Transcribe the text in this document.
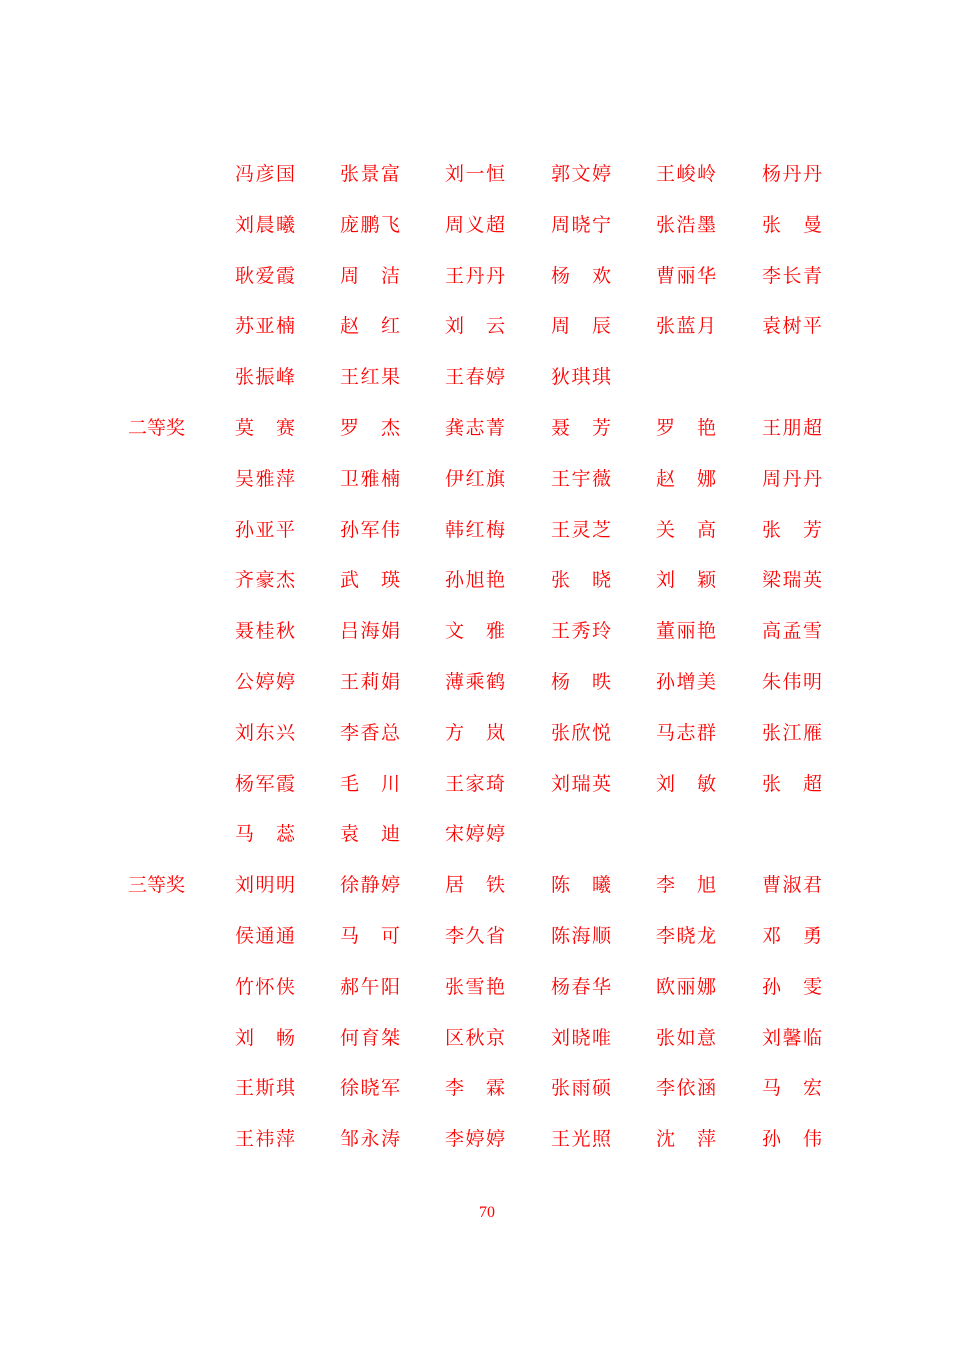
冯彦国 张景富 刘一恒 郭文婷 王峻岭 杨丹丹
刘晨曦 庞鹏飞 周义超 周晓宁 张浩墨 张　曼
耿爱霞 周　洁 王丹丹 杨　欢 曹丽华 李长青
苏亚楠 赵　红 刘　云 周　辰 张蓝月 袁树平
张振峰 王红果 王春婷 狄琪琪
二等奖	莫　赛 罗　杰 龚志菁 聂　芳 罗　艳 王朋超
吴雅萍 卫雅楠 伊红旗 王宇薇 赵　娜 周丹丹
孙亚平 孙军伟 韩红梅 王灵芝 关　高 张　芳
齐豪杰 武　瑛 孙旭艳 张　晓 刘　颖 梁瑞英
聂桂秋 吕海娟 文　雅 王秀玲 董丽艳 高孟雪
公婷婷 王莉娟 薄乘鹤 杨　昳 孙增美 朱伟明
刘东兴 李香总 方　岚 张欣悦 马志群 张江雁
杨军霞 毛　川 王家琦 刘瑞英 刘　敏 张　超
马　蕊 袁　迪 宋婷婷
三等奖	刘明明 徐静婷 居　铁 陈　曦 李　旭 曹淑君
侯通通 马　可 李久省 陈海顺 李晓龙 邓　勇
竹怀侠 郝午阳 张雪艳 杨春华 欧丽娜 孙　雯
刘　畅 何育桀 区秋京 刘晓唯 张如意 刘馨临
王斯琪 徐晓军 李　霖 张雨硕 李依涵 马　宏
王祎萍 邹永涛 李婷婷 王光照 沈　萍 孙　伟
70
